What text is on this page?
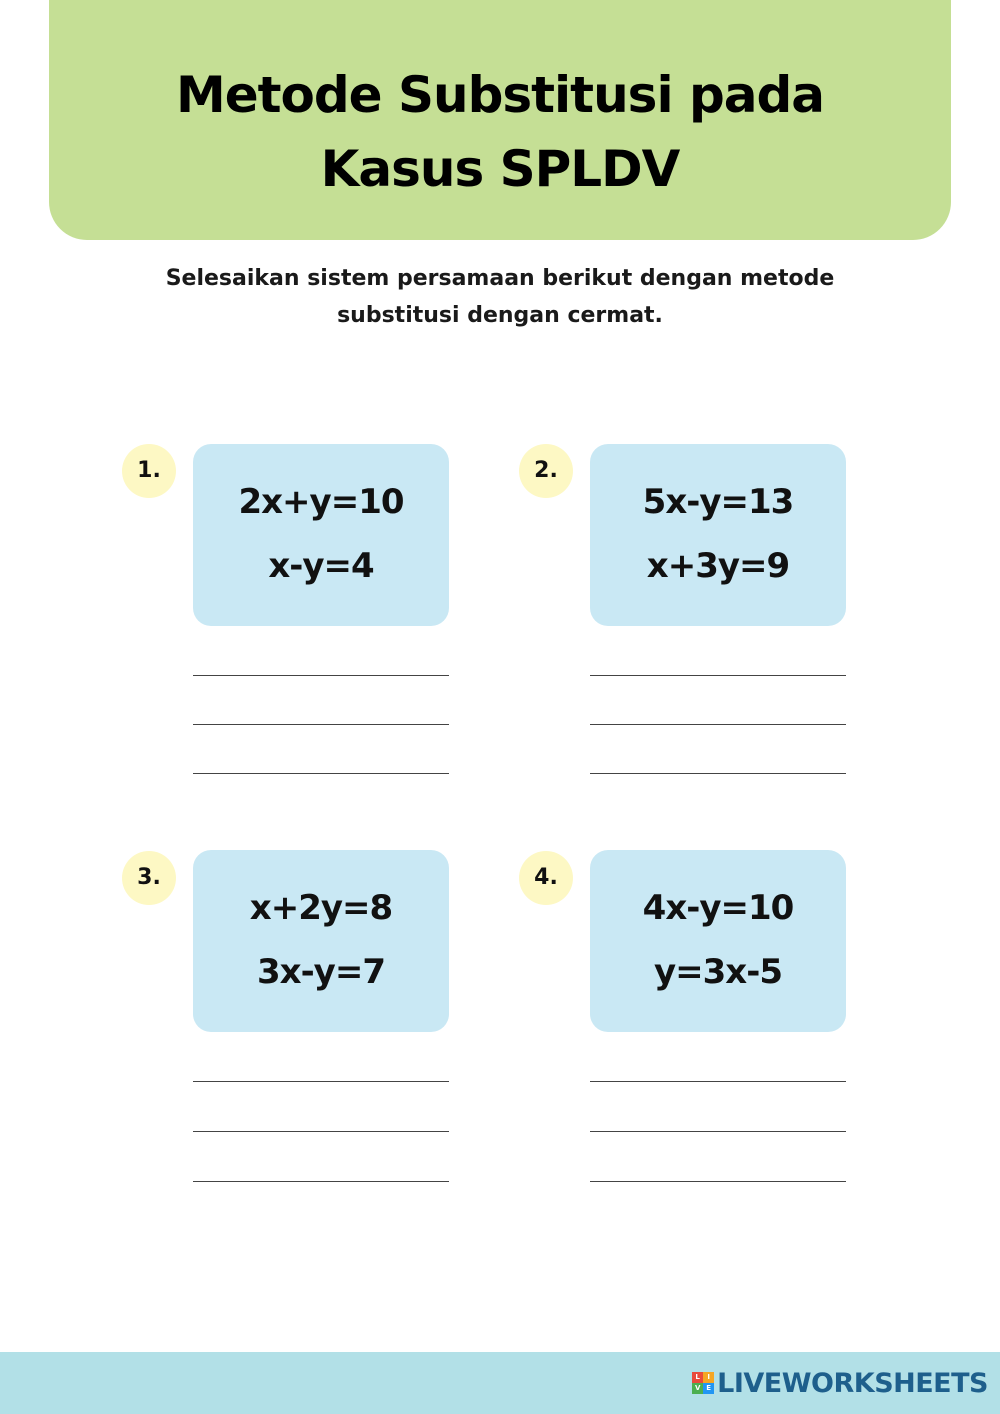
Metode Substitusi pada
Kasus SPLDV
Selesaikan sistem persamaan berikut dengan metode
substitusi dengan cermat.
1.
2x+y=10
x-y=4
2.
5x-y=13
x+3y=9
3.
x+2y=8
3x-y=7
4.
4x-y=10
y=3x-5
L	I
V E LIVEWORKSHEETS
